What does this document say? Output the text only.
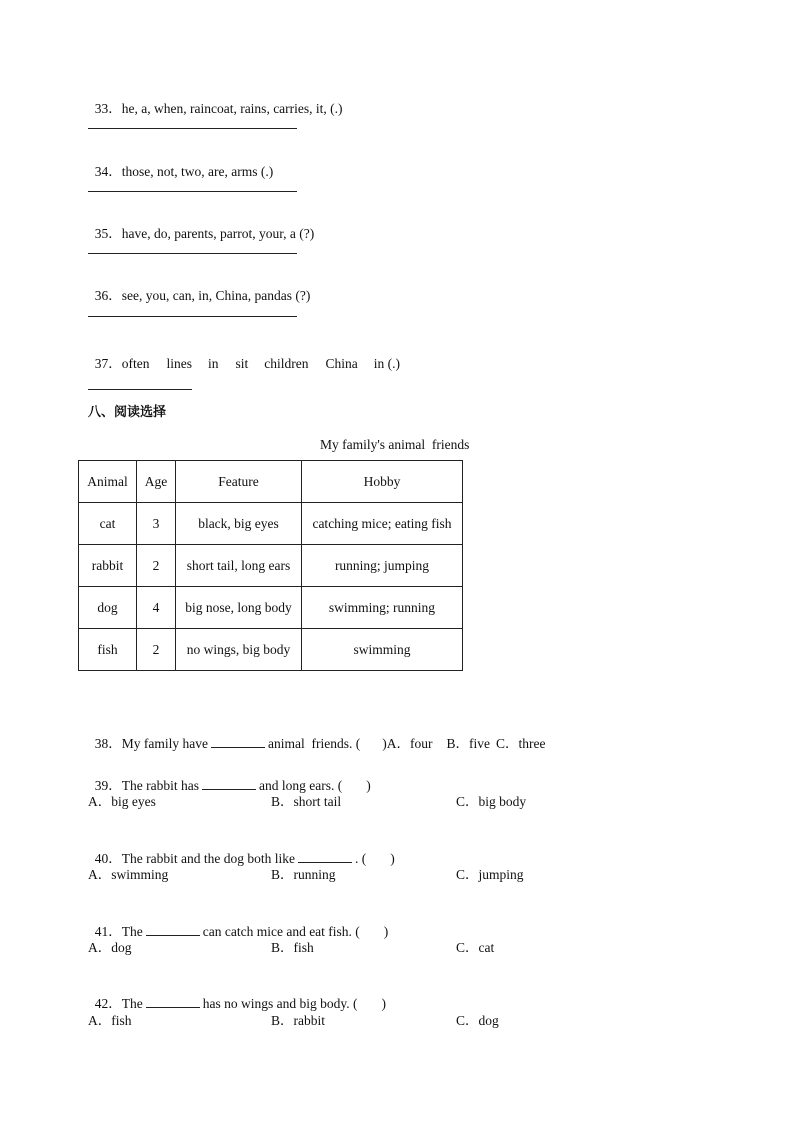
33．he, a, when, raincoat, rains, carries, it, (.)

34．those, not, two, are, arms (.)

35．have, do, parents, parrot, your, a (?)

36．see, you, can, in, China, pandas (?)

37．often lines in sit children China in (.)

八、阅读选择
My family's animal  friends
Animal	Age	Feature	Hobby
cat	3	black, big eyes	catching mice; eating fish
rabbit	2	short tail, long ears	running; jumping
dog	4	big nose, long body	swimming; running
fish	2	no wings, big body	swimming

38．My family have	animal  friends. ( )A．four B．five C．three

39．The rabbit has	and long ears. ( )

A．big eyes	B．short tail	C．big body

40．The rabbit and the dog both like	. ( )

A．swimming	B．running	C．jumping

41．The	can catch mice and eat fish. ( )

A．dog	B．fish	C．cat

42．The	has no wings and big body. ( )

A．fish	B．rabbit	C．dog
